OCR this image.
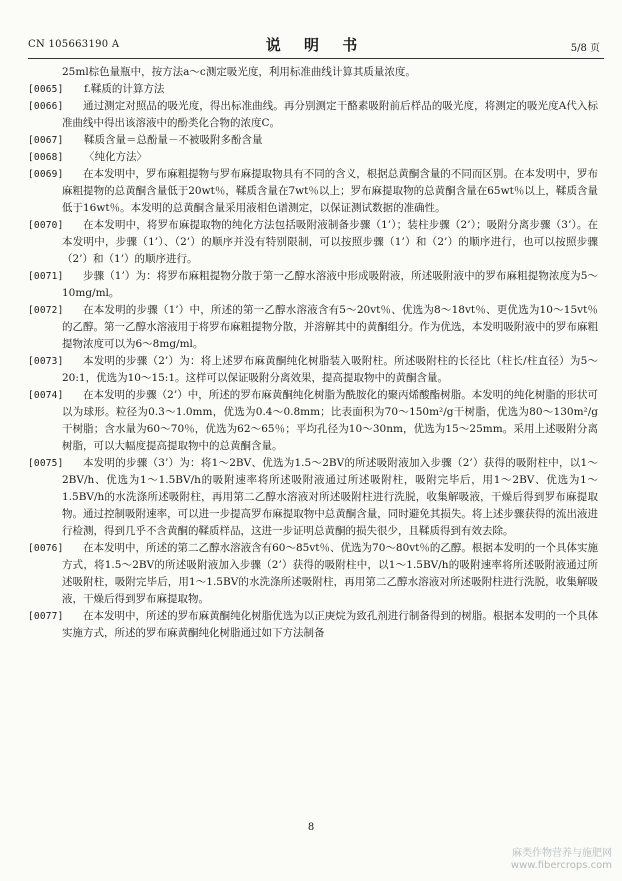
CN 105663190 A	说 明 书	5/8 页

25ml棕色量瓶中，按方法a～c测定吸光度，利用标准曲线计算其质量浓度。

[0065] f.鞣质的计算方法

[0066] 通过测定对照品的吸光度，得出标准曲线。再分别测定干酪素吸附前后样品的吸光度，将测定的吸光度A代入标准曲线中得出该溶液中的酚类化合物的浓度C。

[0067] 鞣质含量＝总酚量－不被吸附多酚含量

[0068] 〈纯化方法〉

[0069] 在本发明中，罗布麻粗提物与罗布麻提取物具有不同的含义，根据总黄酮含量的不同而区别。在本发明中，罗布麻粗提物的总黄酮含量低于20wt％，鞣质含量在7wt％以上；罗布麻提取物的总黄酮含量在65wt％以上，鞣质含量低于16wt％。本发明的总黄酮含量采用液相色谱测定，以保证测试数据的准确性。

[0070] 在本发明中，将罗布麻提取物的纯化方法包括吸附液制备步骤（1’）；装柱步骤（2’）；吸附分离步骤（3’）。在本发明中，步骤（1’）、（2’）的顺序并没有特别限制，可以按照步骤（1’）和（2’）的顺序进行，也可以按照步骤（2’）和（1’）的顺序进行。

[0071] 步骤（1’）为：将罗布麻粗提物分散于第一乙醇水溶液中形成吸附液，所述吸附液中的罗布麻粗提物浓度为5～10mg/ml。

[0072] 在本发明的步骤（1’）中，所述的第一乙醇水溶液含有5～20vt％、优选为8～18vt％、更优选为10～15vt％的乙醇。第一乙醇水溶液用于将罗布麻粗提物分散，并溶解其中的黄酮组分。作为优选，本发明吸附液中的罗布麻粗提物浓度可以为6～8mg/ml。

[0073] 本发明的步骤（2’）为：将上述罗布麻黄酮纯化树脂装入吸附柱。所述吸附柱的长径比（柱长/柱直径）为5～20:1，优选为10～15:1。这样可以保证吸附分离效果，提高提取物中的黄酮含量。

[0074] 在本发明的步骤（2’）中，所述的罗布麻黄酮纯化树脂为酰胺化的聚丙烯酸酯树脂。本发明的纯化树脂的形状可以为球形。粒径为0.3～1.0mm，优选为0.4～0.8mm；比表面积为70～150m²/g干树脂，优选为80～130m²/g干树脂；含水量为60～70％，优选为62～65％；平均孔径为10～30nm，优选为15～25mm。采用上述吸附分离树脂，可以大幅度提高提取物中的总黄酮含量。

[0075] 本发明的步骤（3’）为：将1～2BV、优选为1.5～2BV的所述吸附液加入步骤（2’）获得的吸附柱中，以1～2BV/h、优选为1～1.5BV/h的吸附速率将所述吸附液通过所述吸附柱，吸附完毕后，用1～2BV、优选为1～1.5BV/h的水洗涤所述吸附柱，再用第二乙醇水溶液对所述吸附柱进行洗脱，收集解吸液，干燥后得到罗布麻提取物。通过控制吸附速率，可以进一步提高罗布麻提取物中总黄酮含量，同时避免其损失。将上述步骤获得的流出液进行检测，得到几乎不含黄酮的鞣质样品，这进一步证明总黄酮的损失很少，且鞣质得到有效去除。

[0076] 在本发明中，所述的第二乙醇水溶液含有60～85vt％、优选为70～80vt％的乙醇。根据本发明的一个具体实施方式，将1.5～2BV的所述吸附液加入步骤（2’）获得的吸附柱中，以1～1.5BV/h的吸附速率将所述吸附液通过所述吸附柱，吸附完毕后，用1～1.5BV的水洗涤所述吸附柱，再用第二乙醇水溶液对所述吸附柱进行洗脱，收集解吸液，干燥后得到罗布麻提取物。

[0077] 在本发明中，所述的罗布麻黄酮纯化树脂优选为以正庚烷为致孔剂进行制备得到的树脂。根据本发明的一个具体实施方式，所述的罗布麻黄酮纯化树脂通过如下方法制备

8
麻类作物营养与施肥网
www.fibercrops.com
